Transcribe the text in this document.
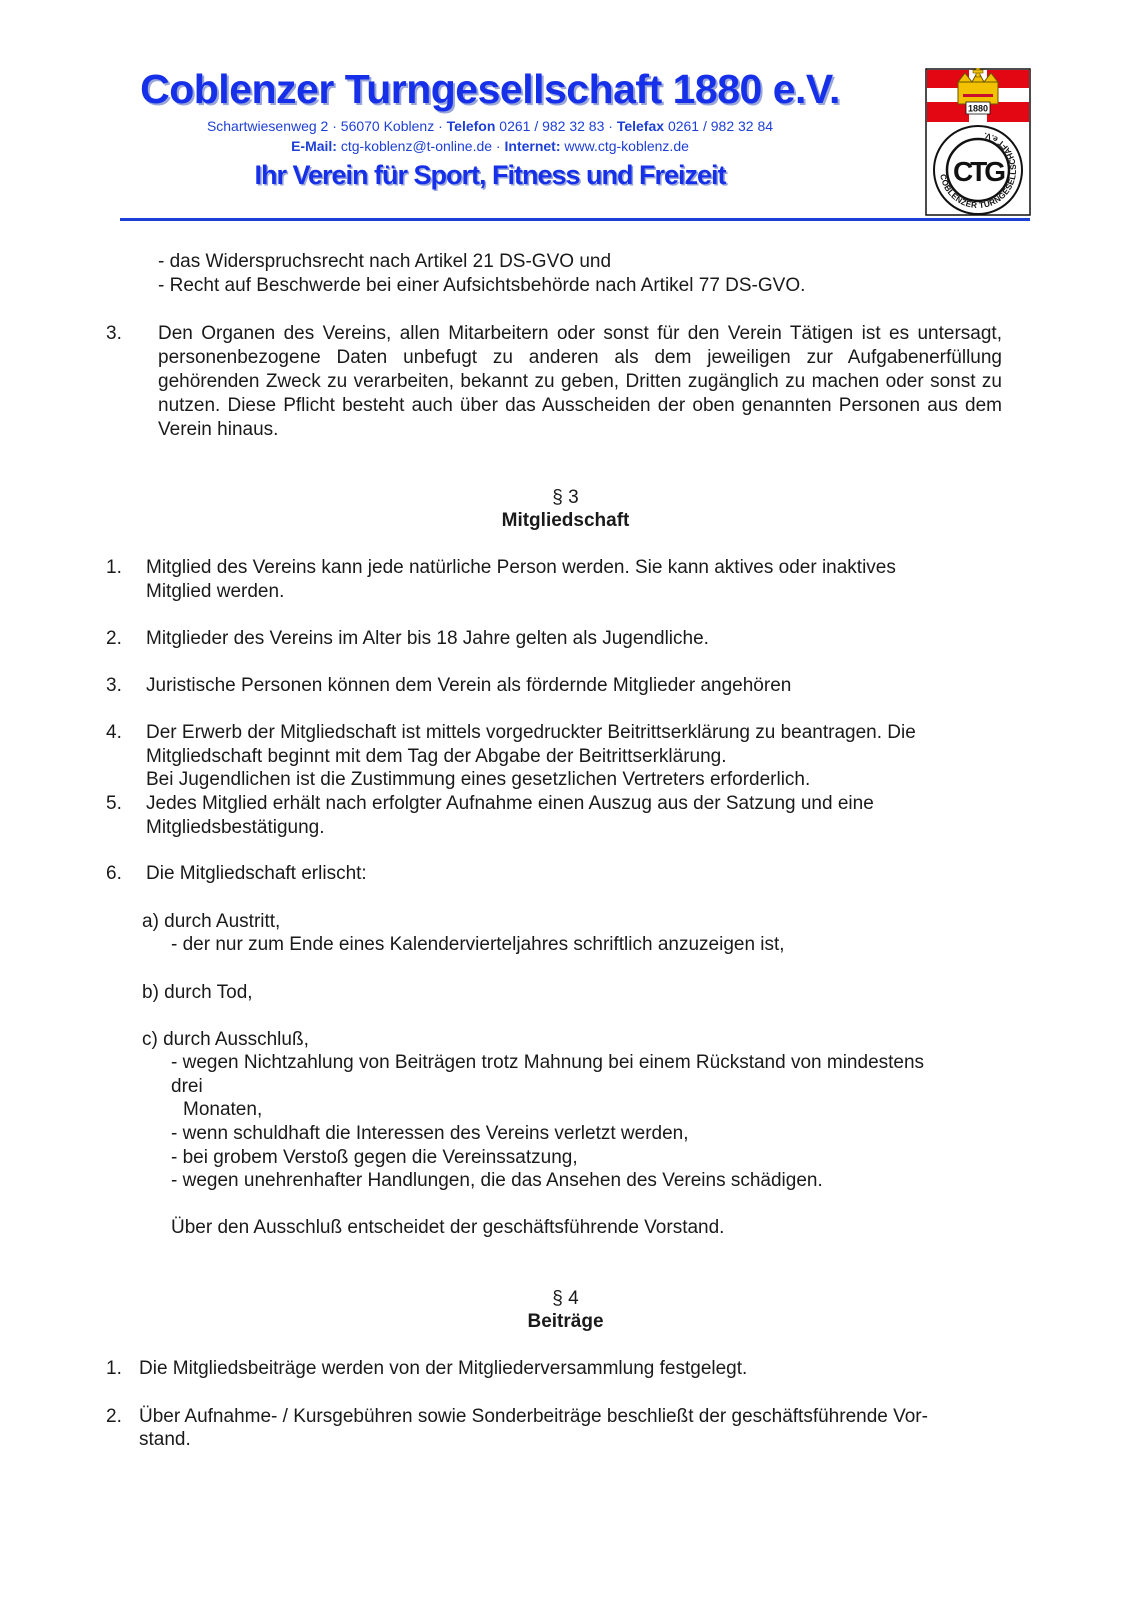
Coblenzer Turngesellschaft 1880 e.V.
Schartwiesenweg 2 · 56070 Koblenz · Telefon 0261 / 982 32 83 · Telefax 0261 / 982 32 84
E-Mail: ctg-koblenz@t-online.de · Internet: www.ctg-koblenz.de
Ihr Verein für Sport, Fitness und Freizeit
1880
COBLENZER TURNGESELLSCHAFT e.V.
CTG
- das Widerspruchsrecht nach Artikel 21 DS-GVO und
- Recht auf Beschwerde bei einer Aufsichtsbehörde nach Artikel 77 DS-GVO.
3. Den Organen des Vereins, allen Mitarbeitern oder sonst für den Verein Tätigen ist es untersagt, personenbezogene Daten unbefugt zu anderen als dem jeweiligen zur Aufgabenerfüllung gehörenden Zweck zu verarbeiten, bekannt zu geben, Dritten zugänglich zu machen oder sonst zu nutzen. Diese Pflicht besteht auch über das Ausscheiden der oben genannten Personen aus dem Verein hinaus.
§ 3
Mitgliedschaft
1. Mitglied des Vereins kann jede natürliche Person werden. Sie kann aktives oder inaktives
Mitglied werden.
2. Mitglieder des Vereins im Alter bis 18 Jahre gelten als Jugendliche.
3. Juristische Personen können dem Verein als fördernde Mitglieder angehören
4. Der Erwerb der Mitgliedschaft ist mittels vorgedruckter Beitrittserklärung zu beantragen. Die
Mitgliedschaft beginnt mit dem Tag der Abgabe der Beitrittserklärung.
Bei Jugendlichen ist die Zustimmung eines gesetzlichen Vertreters erforderlich.
5. Jedes Mitglied erhält nach erfolgter Aufnahme einen Auszug aus der Satzung und eine
Mitgliedsbestätigung.
6. Die Mitgliedschaft erlischt:
a) durch Austritt,
- der nur zum Ende eines Kalendervierteljahres schriftlich anzuzeigen ist,
b) durch Tod,
c) durch Ausschluß,
- wegen Nichtzahlung von Beiträgen trotz Mahnung bei einem Rückstand von mindestens
drei
Monaten,
- wenn schuldhaft die Interessen des Vereins verletzt werden,
- bei grobem Verstoß gegen die Vereinssatzung,
- wegen unehrenhafter Handlungen, die das Ansehen des Vereins schädigen.
Über den Ausschluß entscheidet der geschäftsführende Vorstand.
§ 4
Beiträge
1. Die Mitgliedsbeiträge werden von der Mitgliederversammlung festgelegt.
2. Über Aufnahme- / Kursgebühren sowie Sonderbeiträge beschließt der geschäftsführende Vor-
stand.
